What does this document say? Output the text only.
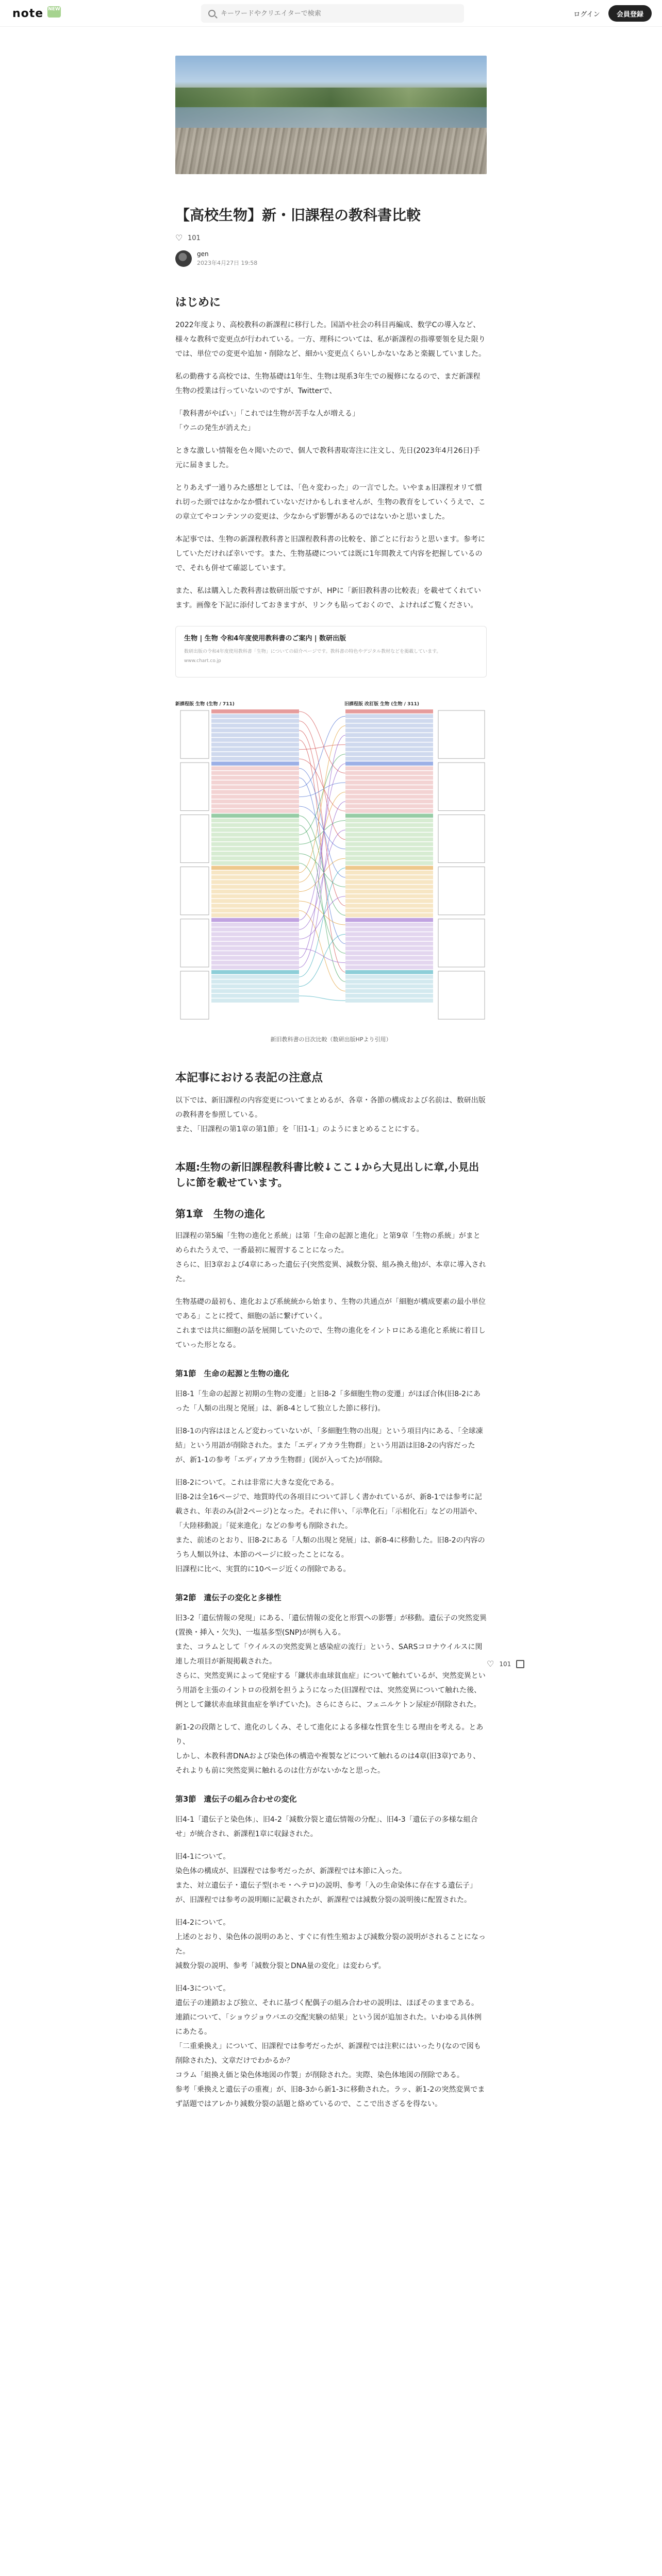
note NEW
キーワードやクリエイターで検索
ログイン	会員登録
【高校生物】新・旧課程の教科書比較
♡ 101
gen
2023年4月27日 19:58
はじめに

2022年度より、高校教科の新課程に移行した。国語や社会の科目再編成、数学Cの導入など、様々な教科で変更点が行われている。一方、理科については、私が新課程の指導要領を見た限りでは、単位での変更や追加・削除など、細かい変更点くらいしかないなあと楽観していました。

私の勤務する高校では、生物基礎は1年生、生物は現系3年生での履修になるので、まだ新課程生物の授業は行っていないのですが、Twitterで、

「教科書がやばい」「これでは生物が苦手な人が増える」
「ウニの発生が消えた」

ときな激しい情報を色々聞いたので、個人で教科書取寄注に注文し、先日(2023年4月26日)手元に届きました。

とりあえず一通りみた感想としては、「色々変わった」の一言でした。いやまぁ旧課程オリて慣れ切った頭ではなかなか慣れていないだけかもしれませんが、生物の教育をしていくうえで、この章立てやコンテンツの変更は、少なからず影響があるのではないかと思いました。

本記事では、生物の新課程教科書と旧課程教科書の比較を、節ごとに行おうと思います。参考にしていただければ幸いです。また、生物基礎については既に1年間教えて内容を把握しているので、それも併せて確認しています。

また、私は購入した教科書は数研出版ですが、HPに「新旧教科書の比較表」を載せてくれています。画像を下記に添付しておきますが、リンクも貼っておくので、よければご覧ください。

生物 | 生物 令和4年度使用教科書のご案内 | 数研出版
数研出版の令和4年度使用教科書「生物」についての紹介ページです。教科書の特色やデジタル教材などを掲載しています。
www.chart.co.jp
新課程版 生物 (生物 / 711)	旧課程版 改訂版 生物 (生物 / 311)
新旧教科書の目次比較（数研出版HPより引用）
本記事における表記の注意点

以下では、新旧課程の内容変更についてまとめるが、各章・各節の構成および名前は、数研出版の教科書を参照している。
また、「旧課程の第1章の第1節」を「旧1-1」のようにまとめることにする。

本題:生物の新旧課程教科書比較↓ここ↓から大見出しに章,小見出しに節を載せています。
第1章　生物の進化

旧課程の第5編「生物の進化と系統」は第「生命の起源と進化」と第9章「生物の系統」がまとめられたうえで、一番最初に履習することになった。
さらに、旧3章および4章にあった遺伝子(突然変異、減数分裂、組み換え他)が、本章に導入された。

生物基礎の最初も、進化および系統統から始まり、生物の共通点が「細胞が構成要素の最小単位である」ことに授て、細胞の話に繋げていく。
これまでは共に細胞の話を展開していたので、生物の進化をイントロにある進化と系統に着目していった形となる。

第1節　生命の起源と生物の進化

旧8-1「生命の起源と初期の生物の変遷」と旧8-2「多細胞生物の変遷」がほぼ合体(旧8-2にあった「人類の出現と発展」は、新8-4として独立した節に移行)。

旧8-1の内容はほとんど変わっていないが、「多細胞生物の出現」という項目内にある、「全球凍結」という用語が削除された。また「エディアカラ生物群」という用語は旧8-2の内容だったが、新1-1の参考「エディアカラ生物群」(図が入ってた)が削除。

旧8-2について。これは非常に大きな変化である。
旧8-2は全16ページで、地質時代の各項目について詳しく書かれているが、新8-1では参考に記載され、年表のみ(計2ページ)となった。それに伴い、「示準化石」「示相化石」などの用語や、「大陸移動説」「従来進化」などの参考も削除された。
また、前述のとおり、旧8-2にある「人類の出現と発展」は、新8-4に移動した。旧8-2の内容のうち人類以外は、本節のページに絞ったことになる。
旧課程に比べ、実質的に10ページ近くの削除である。

第2節　遺伝子の変化と多様性

旧3-2「遺伝情報の発現」にある、「遺伝情報の変化と形質への影響」が移動。遺伝子の突然変異(置換・挿入・欠失)、一塩基多型(SNP)が例も入る。
また、コラムとして「ウイルスの突然変異と感染症の流行」という、SARSコロナウイルスに関連した項目が新規掲載された。
さらに、突然変異によって発症する「鎌状赤血球貧血症」について触れているが、突然変異という用語を主張のイントロの役割を担うようになった(旧課程では、突然変異について触れた後、例として鎌状赤血球貧血症を挙げていた)。さらにさらに、フェニルケトン尿症が削除された。

新1-2の段階として、進化のしくみ、そして進化による多様な性質を生じる理由を考える。とあり、
しかし、本教科書DNAおよび染色体の構造や複製などについて触れるのは4章(旧3章)であり、それよりも前に突然変異に触れるのは仕方がないかなと思った。

第3節　遺伝子の組み合わせの変化

旧4-1「遺伝子と染色体」、旧4-2「減数分裂と遺伝情報の分配」、旧4-3「遺伝子の多様な組合せ」が統合され、新課程1章に収録された。

旧4-1について。
染色体の構成が、旧課程では参考だったが、新課程では本節に入った。
また、対立遺伝子・遺伝子型(ホモ・ヘテロ)の説明、参考「入の生命染体に存在する遺伝子」が、旧課程では参考の説明順に記載されたが、新課程では減数分裂の説明後に配置された。

旧4-2について。
上述のとおり、染色体の説明のあと、すぐに有性生殖および減数分裂の説明がされることになった。
減数分裂の説明、参考「減数分裂とDNA量の変化」は変わらず。

旧4-3について。
遺伝子の連鎖および独立、それに基づく配偶子の組み合わせの説明は、ほぼそのままである。
連鎖について、「ショウジョウバエの交配実験の結果」という図が追加された。いわゆる具体例にあたる。
「二重乗換え」について、旧課程では参考だったが、新課程では注釈にはいったり(なので図も削除された)、文章だけでわかるか？
コラム「組換え価と染色体地図の作製」が削除された。実際、染色体地図の削除である。
参考「乗換えと遺伝子の重複」が、旧8-3から新1-3に移動された。ラッ、新1-2の突然変異でまず話題ではアレかり減数分裂の話題と絡めているので、ここで出さざるを得ない。

♡ 101
